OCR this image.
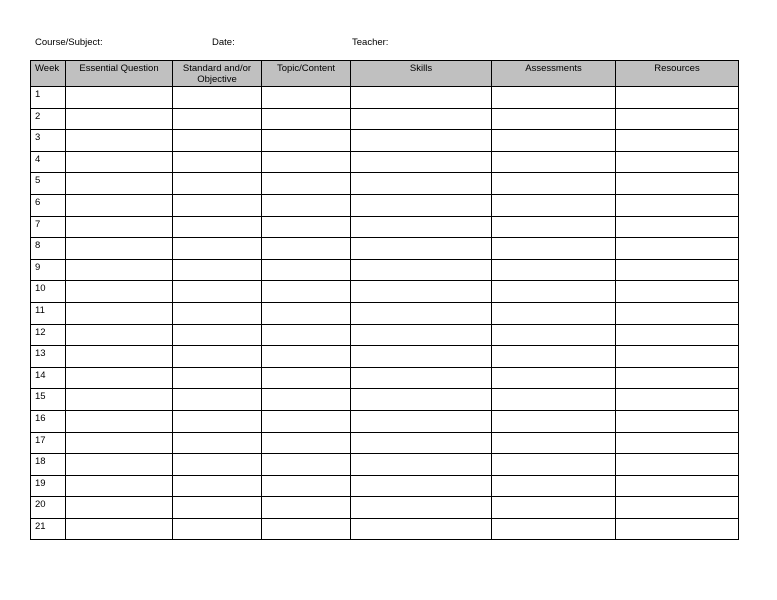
Course/Subject:	Date:	Teacher:
Week	Essential Question	Standard and/or Objective	Topic/Content	Skills	Assessments	Resources
1						
2						
3						
4						
5						
6						
7						
8						
9						
10						
11						
12						
13						
14						
15						
16						
17						
18						
19						
20						
21						
